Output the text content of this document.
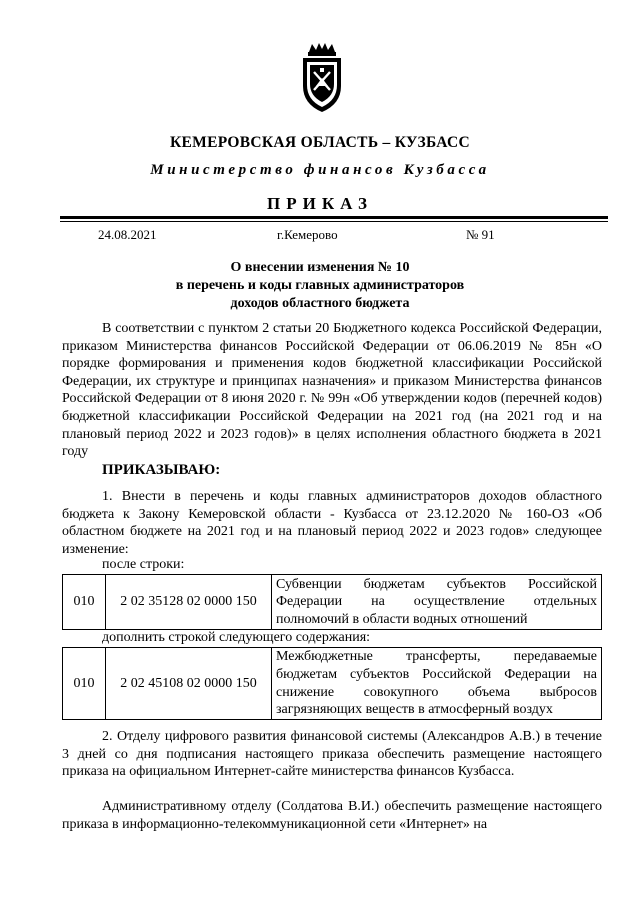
КЕМЕРОВСКАЯ ОБЛАСТЬ – КУЗБАСС
Министерство финансов Кузбасса
ПРИКАЗ
24.08.2021	г.Кемерово	№ 91
О внесении изменения № 10
в перечень и коды главных администраторов
доходов областного бюджета
В соответствии с пунктом 2 статьи 20 Бюджетного кодекса Российской Федерации, приказом Министерства финансов Российской Федерации от 06.06.2019 № 85н «О порядке формирования и применения кодов бюджетной классификации Российской Федерации, их структуре и принципах назначения» и приказом Министерства финансов Российской Федерации от 8 июня 2020 г. № 99н «Об утверждении кодов (перечней кодов) бюджетной классификации Российской Федерации на 2021 год (на 2021 год и на плановый период 2022 и 2023 годов)» в целях исполнения областного бюджета в 2021 году
ПРИКАЗЫВАЮ:
1. Внести в перечень и коды главных администраторов доходов областного бюджета к Закону Кемеровской области - Кузбасса от 23.12.2020 № 160-ОЗ «Об областном бюджете на 2021 год и на плановый период 2022 и 2023 годов» следующее изменение:
после строки:
010	2 02 35128 02 0000 150	Субвенции бюджетам субъектов Российской Федерации на осуществление отдельных полномочий в области водных отношений
дополнить строкой следующего содержания:
010	2 02 45108 02 0000 150	Межбюджетные трансферты, передаваемые бюджетам субъектов Российской Федерации на снижение совокупного объема выбросов загрязняющих веществ в атмосферный воздух
2. Отделу цифрового развития финансовой системы (Александров А.В.) в течение 3 дней со дня подписания настоящего приказа обеспечить размещение настоящего приказа на официальном Интернет-сайте министерства финансов Кузбасса.
Административному отделу (Солдатова В.И.) обеспечить размещение настоящего приказа в информационно-телекоммуникационной сети «Интернет» на
